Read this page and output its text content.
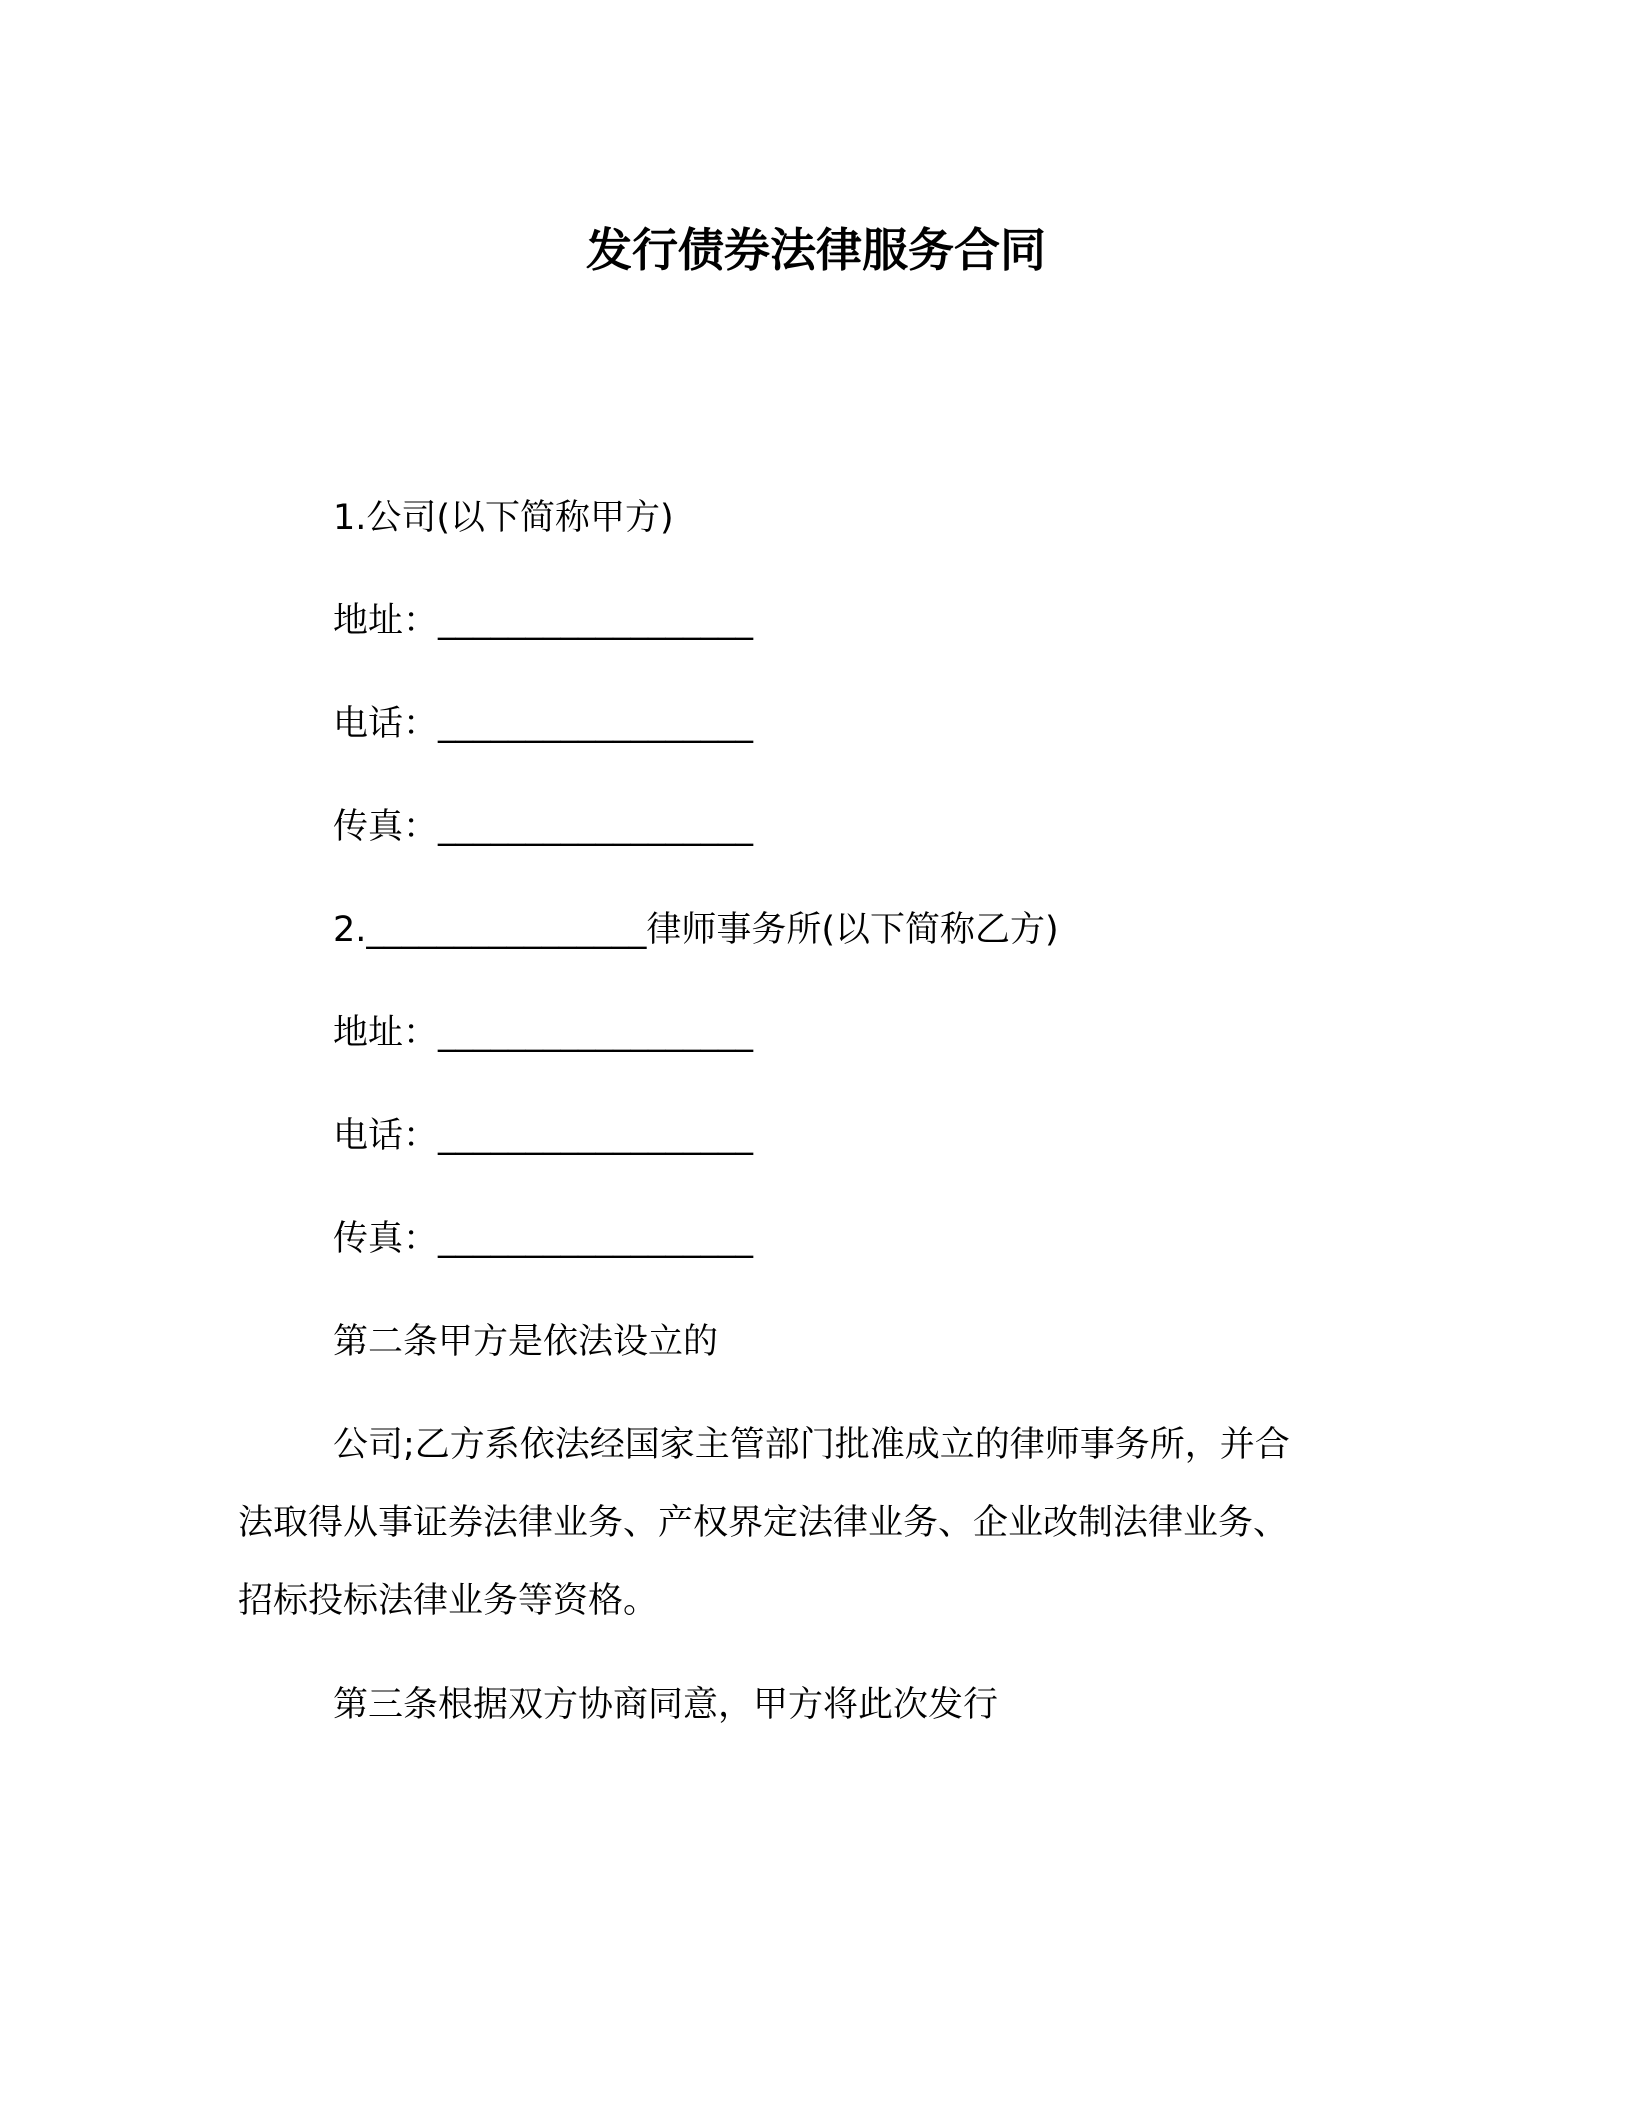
发行债券法律服务合同
1.公司(以下简称甲方)
地址：__________________
电话：__________________
传真：__________________
2.________________律师事务所(以下简称乙方)
地址：__________________
电话：__________________
传真：__________________
第二条甲方是依法设立的
公司;乙方系依法经国家主管部门批准成立的律师事务所，并合
法取得从事证券法律业务、产权界定法律业务、企业改制法律业务、
招标投标法律业务等资格。
第三条根据双方协商同意，甲方将此次发行
